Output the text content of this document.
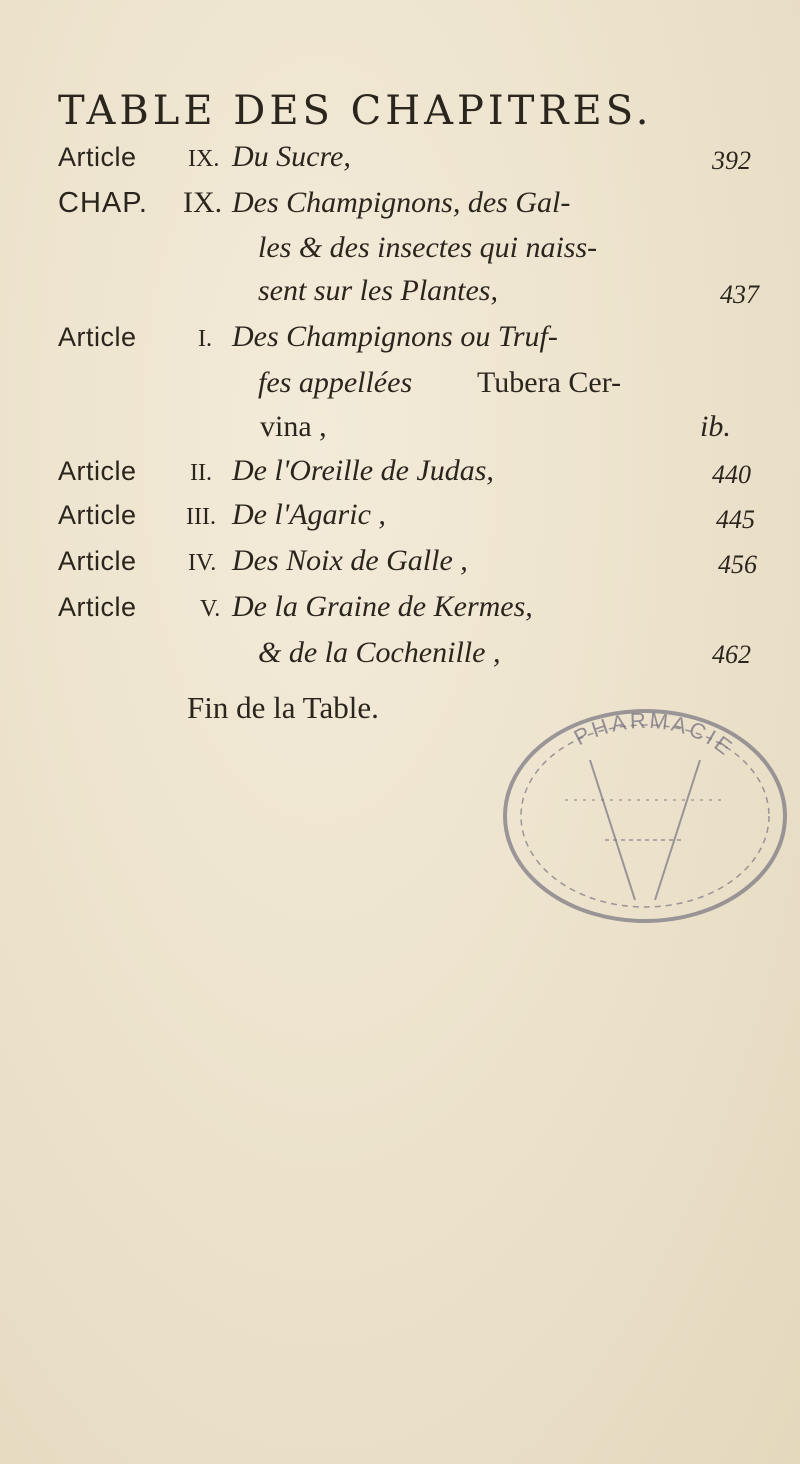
TABLE DES CHAPITRES.
Article IX. Du Sucre,	392
CHAP. IX. Des Champignons, des Gal-
les & des insectes qui naiss-
sent sur les Plantes,	437
Article	I. Des Champignons ou Truf-
fes appellées Tubera Cer-
vina ,	ib.
Article II. De l'Oreille de Judas,	440
Article III. De l'Agaric ,	445
Article IV. Des Noix de Galle ,	456
Article	V. De la Graine de Kermes,
& de la Cochenille ,	462
Fin de la Table.
PHARMACIE
